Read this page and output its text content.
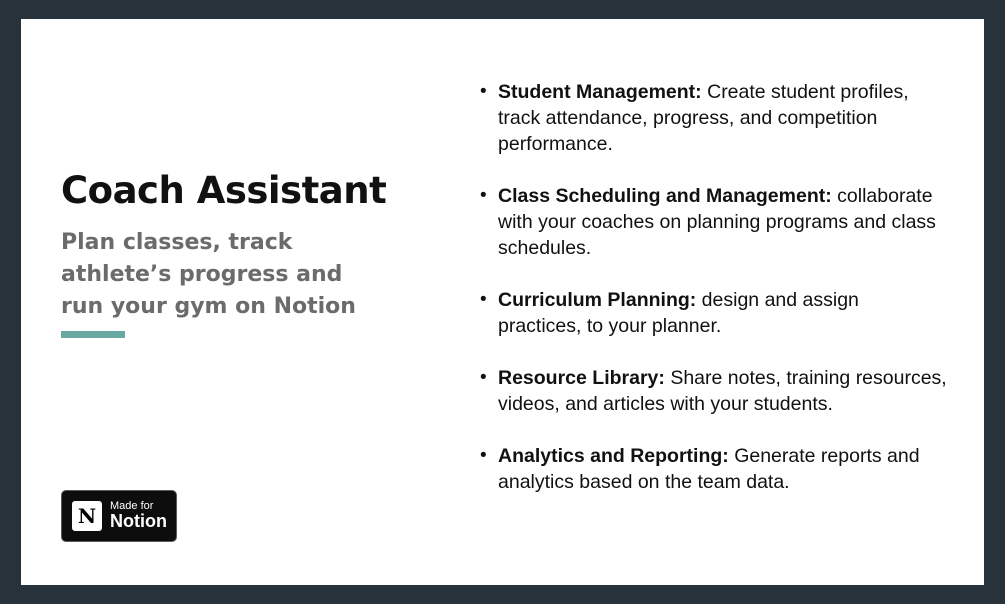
Coach Assistant
Plan classes, track athlete’s progress and run your gym on Notion
N Made for
Notion
• Student Management: Create student profiles, track attendance, progress, and competition performance.
• Class Scheduling and Management: collaborate with your coaches on planning programs and class schedules.
• Curriculum Planning: design and assign practices, to your planner.
• Resource Library: Share notes, training resources, videos, and articles with your students.
• Analytics and Reporting: Generate reports and analytics based on the team data.
